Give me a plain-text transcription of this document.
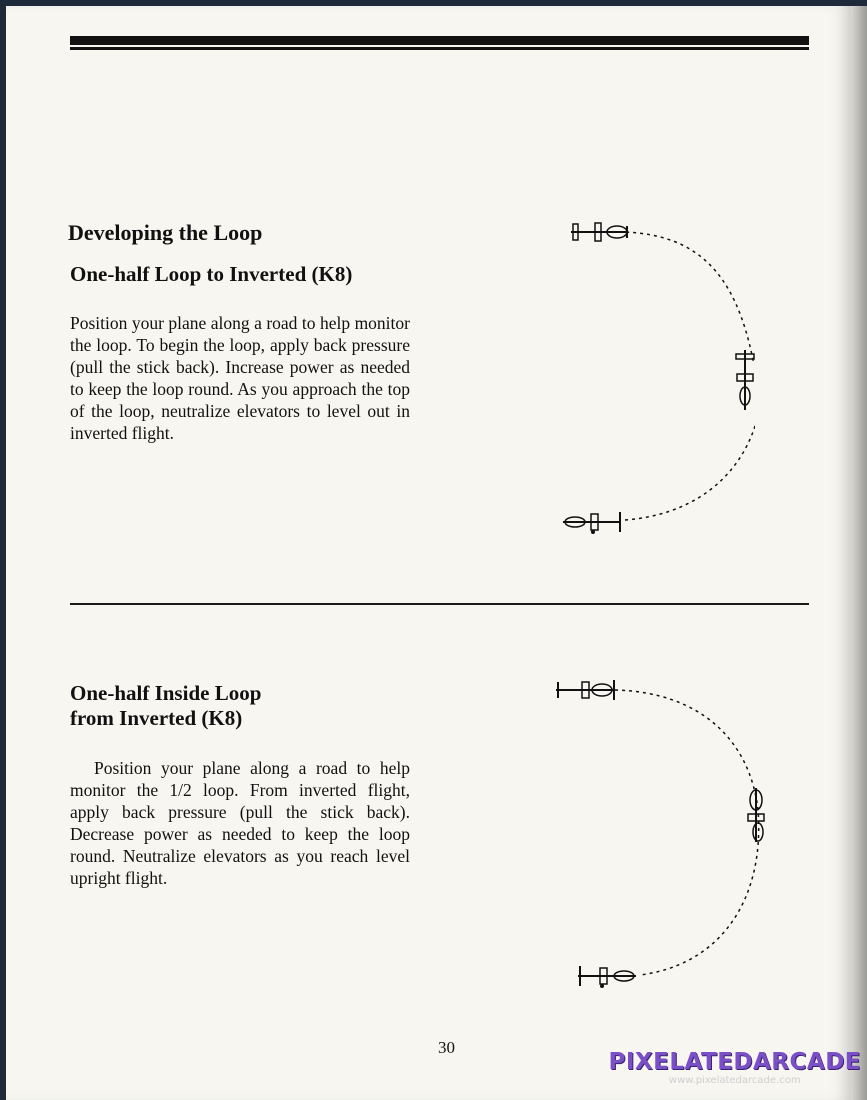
Developing the Loop
One-half Loop to Inverted (K8)

Position your plane along a road to help monitor the loop. To begin the loop, apply back pressure (pull the stick back). Increase power as needed to keep the loop round. As you approach the top of the loop, neutralize elevators to level out in inverted flight.

One-half Inside Loop
from Inverted (K8)

Position your plane along a road to help monitor the 1/2 loop. From inverted flight, apply back pressure (pull the stick back). Decrease power as needed to keep the loop round. Neutralize elevators as you reach level upright flight.

30
PIXELATEDARCADE
www.pixelatedarcade.com
